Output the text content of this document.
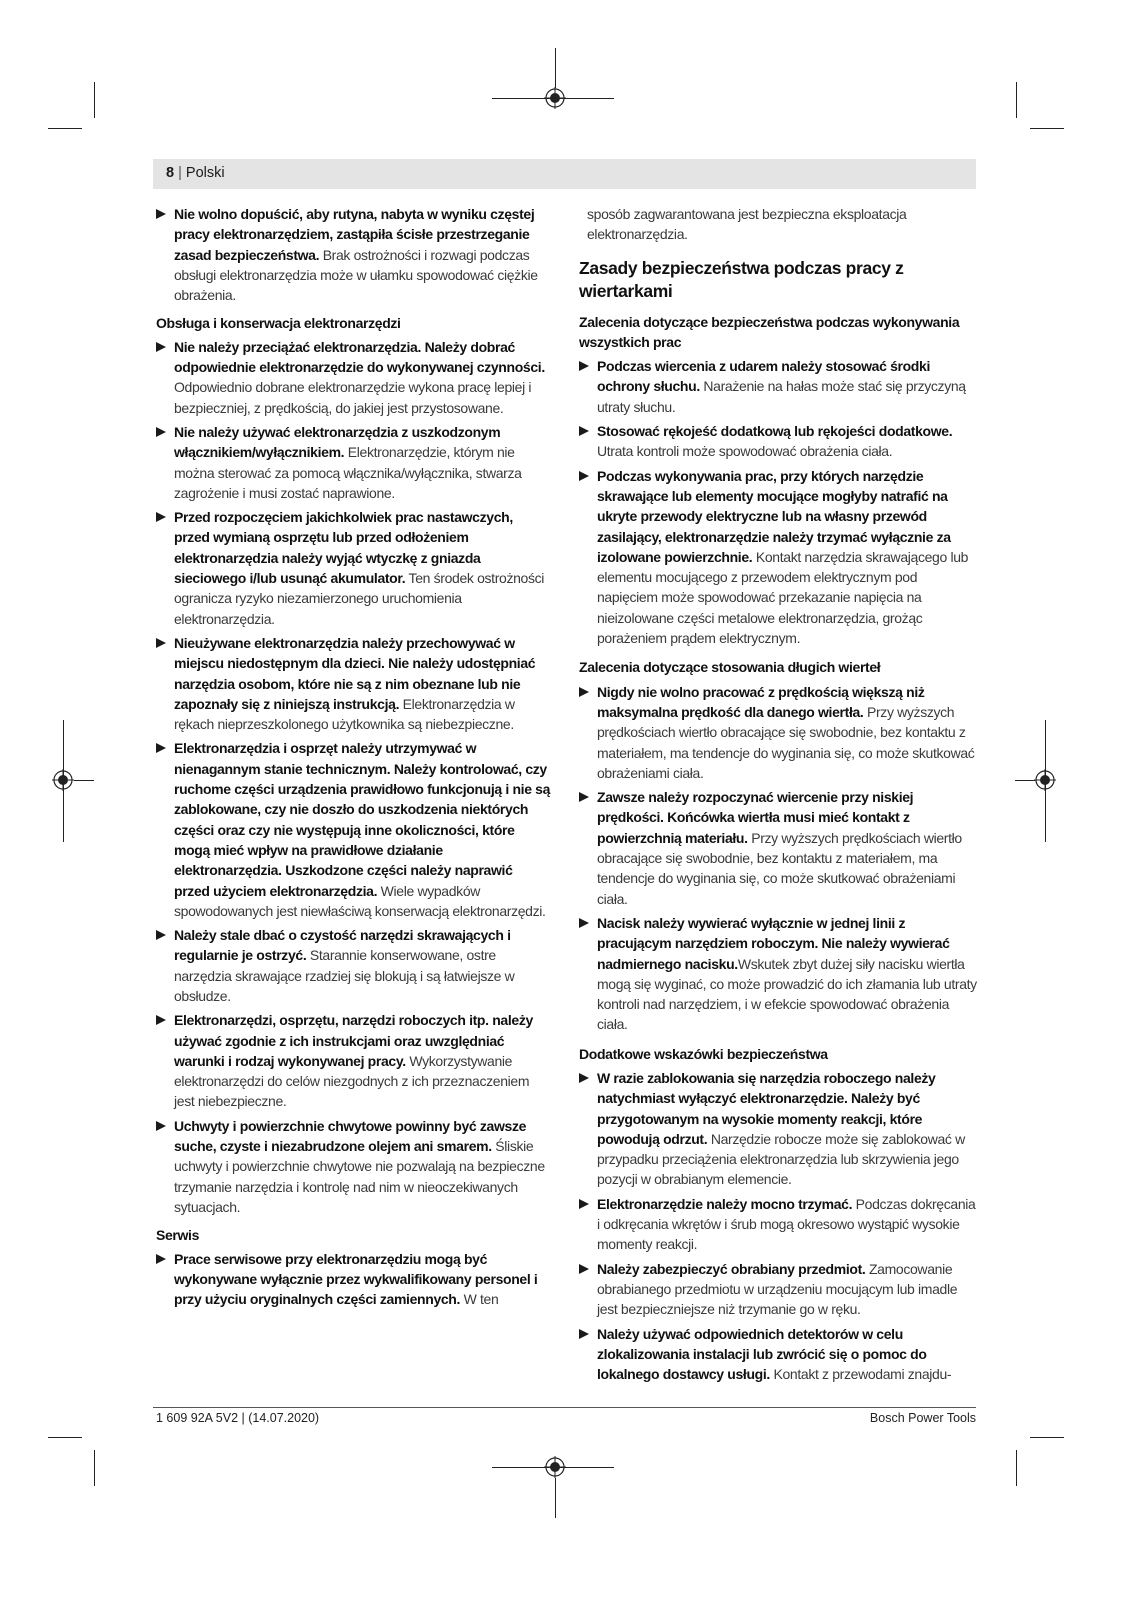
8 | Polski
Nie wolno dopuścić, aby rutyna, nabyta w wyniku częstej pracy elektronarzędziem, zastąpiła ścisłe przestrzeganie zasad bezpieczeństwa. Brak ostrożności i rozwagi podczas obsługi elektronarzędzia może w ułamku spowodować ciężkie obrażenia.
Obsługa i konserwacja elektronarzędzi
Nie należy przeciążać elektronarzędzia. Należy dobrać odpowiednie elektronarzędzie do wykonywanej czynności. Odpowiednio dobrane elektronarzędzie wykona pracę lepiej i bezpieczniej, z prędkością, do jakiej jest przystosowane.
Nie należy używać elektronarzędzia z uszkodzonym włącznikiem/wyłącznikiem. Elektronarzędzie, którym nie można sterować za pomocą włącznika/wyłącznika, stwarza zagrożenie i musi zostać naprawione.
Przed rozpoczęciem jakichkolwiek prac nastawczych, przed wymianą osprzętu lub przed odłożeniem elektronarzędzia należy wyjąć wtyczkę z gniazda sieciowego i/lub usunąć akumulator. Ten środek ostrożności ogranicza ryzyko niezamierzonego uruchomienia elektronarzędzia.
Nieużywane elektronarzędzia należy przechowywać w miejscu niedostępnym dla dzieci. Nie należy udostępniać narzędzia osobom, które nie są z nim obeznane lub nie zapoznały się z niniejszą instrukcją. Elektronarzędzia w rękach nieprzeszkolonego użytkownika są niebezpieczne.
Elektronarzędzia i osprzęt należy utrzymywać w nienagannym stanie technicznym. Należy kontrolować, czy ruchome części urządzenia prawidłowo funkcjonują i nie są zablokowane, czy nie doszło do uszkodzenia niektórych części oraz czy nie występują inne okoliczności, które mogą mieć wpływ na prawidłowe działanie elektronarzędzia. Uszkodzone części należy naprawić przed użyciem elektronarzędzia. Wiele wypadków spowodowanych jest niewłaściwą konserwacją elektronarzędzi.
Należy stale dbać o czystość narzędzi skrawających i regularnie je ostrzyć. Starannie konserwowane, ostre narzędzia skrawające rzadziej się blokują i są łatwiejsze w obsłudze.
Elektronarzędzi, osprzętu, narzędzi roboczych itp. należy używać zgodnie z ich instrukcjami oraz uwzględniać warunki i rodzaj wykonywanej pracy. Wykorzystywanie elektronarzędzi do celów niezgodnych z ich przeznaczeniem jest niebezpieczne.
Uchwyty i powierzchnie chwytowe powinny być zawsze suche, czyste i niezabrudzone olejem ani smarem. Śliskie uchwyty i powierzchnie chwytowe nie pozwalają na bezpieczne trzymanie narzędzia i kontrolę nad nim w nieoczekiwanych sytuacjach.
Serwis
Prace serwisowe przy elektronarzędziu mogą być wykonywane wyłącznie przez wykwalifikowany personel i przy użyciu oryginalnych części zamiennych. W ten
sposób zagwarantowana jest bezpieczna eksploatacja elektronarzędzia.
Zasady bezpieczeństwa podczas pracy z wiertarkami
Zalecenia dotyczące bezpieczeństwa podczas wykonywania wszystkich prac
Podczas wiercenia z udarem należy stosować środki ochrony słuchu. Narażenie na hałas może stać się przyczyną utraty słuchu.
Stosować rękojeść dodatkową lub rękojeści dodatkowe. Utrata kontroli może spowodować obrażenia ciała.
Podczas wykonywania prac, przy których narzędzie skrawające lub elementy mocujące mogłyby natrafić na ukryte przewody elektryczne lub na własny przewód zasilający, elektronarzędzie należy trzymać wyłącznie za izolowane powierzchnie. Kontakt narzędzia skrawającego lub elementu mocującego z przewodem elektrycznym pod napięciem może spowodować przekazanie napięcia na nieizolowane części metalowe elektronarzędzia, grożąc porażeniem prądem elektrycznym.
Zalecenia dotyczące stosowania długich wierteł
Nigdy nie wolno pracować z prędkością większą niż maksymalna prędkość dla danego wiertła. Przy wyższych prędkościach wiertło obracające się swobodnie, bez kontaktu z materiałem, ma tendencje do wyginania się, co może skutkować obrażeniami ciała.
Zawsze należy rozpoczynać wiercenie przy niskiej prędkości. Końcówka wiertła musi mieć kontakt z powierzchnią materiału. Przy wyższych prędkościach wiertło obracające się swobodnie, bez kontaktu z materiałem, ma tendencje do wyginania się, co może skutkować obrażeniami ciała.
Nacisk należy wywierać wyłącznie w jednej linii z pracującym narzędziem roboczym. Nie należy wywierać nadmiernego nacisku.Wskutek zbyt dużej siły nacisku wiertła mogą się wyginać, co może prowadzić do ich złamania lub utraty kontroli nad narzędziem, i w efekcie spowodować obrażenia ciała.
Dodatkowe wskazówki bezpieczeństwa
W razie zablokowania się narzędzia roboczego należy natychmiast wyłączyć elektronarzędzie. Należy być przygotowanym na wysokie momenty reakcji, które powodują odrzut. Narzędzie robocze może się zablokować w przypadku przeciążenia elektronarzędzia lub skrzywienia jego pozycji w obrabianym elemencie.
Elektronarzędzie należy mocno trzymać. Podczas dokręcania i odkręcania wkrętów i śrub mogą okresowo wystąpić wysokie momenty reakcji.
Należy zabezpieczyć obrabiany przedmiot. Zamocowanie obrabianego przedmiotu w urządzeniu mocującym lub imadle jest bezpieczniejsze niż trzymanie go w ręku.
Należy używać odpowiednich detektorów w celu zlokalizowania instalacji lub zwrócić się o pomoc do lokalnego dostawcy usługi. Kontakt z przewodami znajdu-
1 609 92A 5V2 | (14.07.2020)	Bosch Power Tools
